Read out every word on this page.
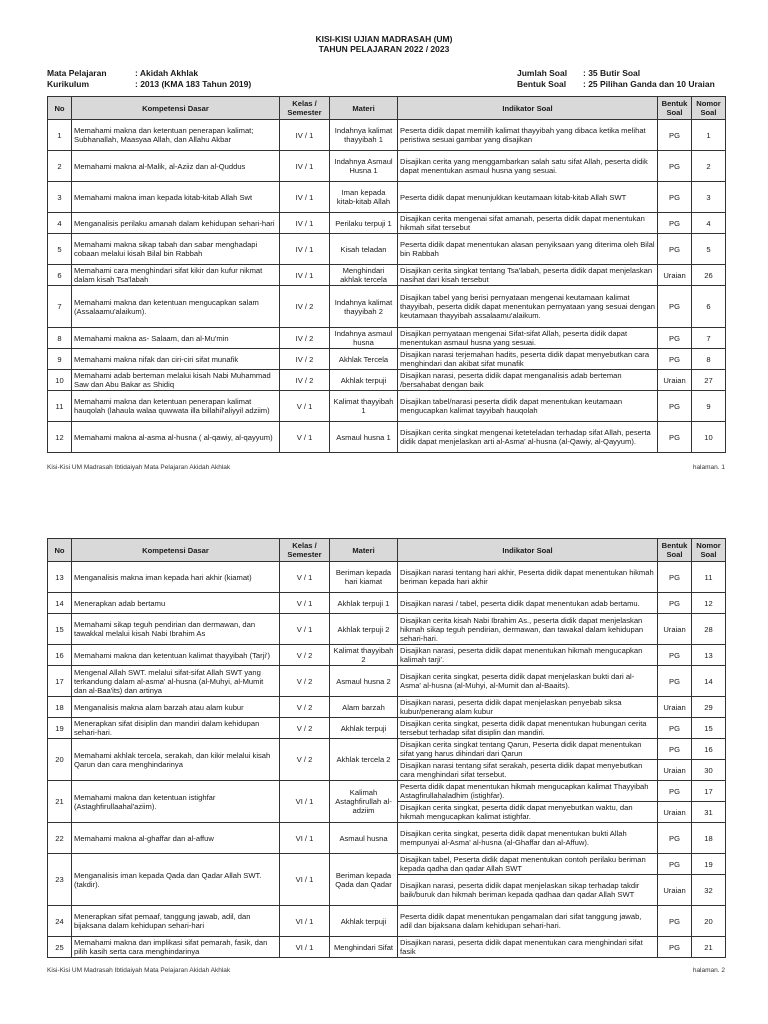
KISI-KISI UJIAN MADRASAH (UM)
TAHUN PELAJARAN 2022 / 2023
Mata Pelajaran	: Akidah Akhlak	Jumlah Soal : 35 Butir Soal
Kurikulum	: 2013 (KMA 183 Tahun 2019)	Bentuk Soal : 25 Pilihan Ganda dan 10 Uraian
No	Kompetensi Dasar	Kelas / Semester	Materi	Indikator Soal	Bentuk Soal	Nomor Soal
1	Memahami makna dan ketentuan penerapan kalimat; Subhanallah, Maasyaa Allah, dan Allahu Akbar	IV / 1	Indahnya kalimat thayyibah 1	Peserta didik dapat memilih kalimat thayyibah yang dibaca ketika melihat peristiwa sesuai gambar yang disajikan	PG	1
2	Memahami makna al-Malik, al-Aziiz dan al-Quddus	IV / 1	Indahnya Asmaul Husna 1	Disajikan cerita yang menggambarkan salah satu sifat Allah, peserta didik dapat menentukan asmaul husna yang sesuai.	PG	2
3	Memahami makna iman kepada kitab-kitab Allah Swt	IV / 1	Iman kepada kitab-kitab Allah	Peserta didik dapat menunjukkan keutamaan kitab-kitab Allah SWT	PG	3
4	Menganalisis perilaku amanah dalam kehidupan sehari-hari	IV / 1	Perilaku terpuji 1	Disajikan cerita mengenai sifat amanah, peserta didik dapat menentukan hikmah sifat tersebut	PG	4
5	Memahami makna sikap tabah dan sabar menghadapi cobaan melalui kisah Bilal bin Rabbah	IV / 1	Kisah teladan	Peserta didik dapat menentukan alasan penyiksaan yang diterima oleh Bilal bin Rabbah	PG	5
6	Memahami cara menghindari sifat kikir dan kufur nikmat dalam kisah Tsa'labah	IV / 1	Menghindari akhlak tercela	Disajikan cerita singkat tentang Tsa'labah, peserta didik dapat menjelaskan nasihat dari kisah tersebut	Uraian	26
7	Memahami makna dan ketentuan mengucapkan salam (Assalaamu'alaikum).	IV / 2	Indahnya kalimat thayyibah 2	Disajikan tabel yang berisi pernyataan mengenai keutamaan kalimat thayyibah, peserta didik dapat menentukan pernyataan yang sesuai dengan keutamaan thayyibah assalaamu'alaikum.	PG	6
8	Memahami makna as- Salaam, dan al-Mu'min	IV / 2	Indahnya asmaul husna	Disajikan pernyataan mengenai Sifat-sifat Allah, peserta didik dapat menentukan asmaul husna yang sesuai.	PG	7
9	Memahami makna nifak dan ciri-ciri sifat munafik	IV / 2	Akhlak Tercela	Disajikan narasi terjemahan hadits, peserta didik dapat menyebutkan cara menghindari dan akibat sifat munafik	PG	8
10	Memahami adab berteman melalui kisah Nabi Muhammad Saw dan Abu Bakar as Shidiq	IV / 2	Akhlak terpuji	Disajikan narasi, peserta didik dapat menganalisis adab berteman /bersahabat dengan baik	Uraian	27
11	Memahami makna dan ketentuan penerapan kalimat hauqolah (lahaula walaa quwwata illa billahil'aliyyil adziim)	V / 1	Kalimat thayyibah 1	Disajikan tabel/narasi peserta didik dapat menentukan keutamaan mengucapkan kalimat tayyibah hauqolah	PG	9
12	Memahami makna al-asma al-husna ( al-qawiy, al-qayyum)	V / 1	Asmaul husna 1	Disajikan cerita singkat mengenai keteteladan terhadap sifat Allah, peserta didik dapat menjelaskan arti al-Asma' al-husna (al-Qawiy, al-Qayyum).	PG	10
Kisi-Kisi UM Madrasah Ibtidaiyah Mata Pelajaran Akidah Akhlak	halaman. 1
No	Kompetensi Dasar	Kelas / Semester	Materi	Indikator Soal	Bentuk Soal	Nomor Soal
13	Menganalisis makna iman kepada hari akhir (kiamat)	V / 1	Beriman kepada hari kiamat	Disajikan narasi tentang hari akhir, Peserta didik dapat menentukan hikmah beriman kepada hari akhir	PG	11
14	Menerapkan adab bertamu	V / 1	Akhlak terpuji 1	Disajikan narasi / tabel, peserta didik dapat menentukan adab bertamu.	PG	12
15	Memahami sikap teguh pendirian dan dermawan, dan tawakkal melalui kisah Nabi Ibrahim As	V / 1	Akhlak terpuji 2	Disajikan cerita kisah Nabi Ibrahim As., peserta didik dapat menjelaskan hikmah sikap teguh pendirian, dermawan, dan tawakal dalam kehidupan sehari-hari.	Uraian	28
16	Memahami makna dan ketentuan kalimat thayyibah (Tarji')	V / 2	Kalimat thayyibah 2	Disajikan narasi, peserta didik dapat menentukan hikmah mengucapkan kalimah tarji'.	PG	13
17	Mengenal Allah SWT. melalui sifat-sifat Allah SWT yang terkandung dalam al-asma' al-husna (al-Muhyi, al-Mumit dan al-Baa'its) dan artinya	V / 2	Asmaul husna 2	Disajikan cerita singkat, peserta didik dapat menjelaskan bukti dari al-Asma' al-husna (al-Muhyi, al-Mumit dan al-Baaits).	PG	14
18	Menganalisis makna alam barzah atau alam kubur	V / 2	Alam barzah	Disajikan narasi, peserta didik dapat menjelaskan penyebab siksa kubur/penerang alam kubur	Uraian	29
19	Menerapkan sifat disiplin dan mandiri dalam kehidupan sehari-hari.	V / 2	Akhlak terpuji	Disajikan cerita singkat, peserta didik dapat menentukan hubungan cerita tersebut terhadap sifat disiplin dan mandiri.	PG	15
20	Memahami akhlak tercela, serakah, dan kikir melalui kisah Qarun dan cara menghindarinya	V / 2	Akhlak tercela 2	Disajikan cerita singkat tentang Qarun, Peserta didik dapat menentukan sifat yang harus dihindari dari Qarun	PG	16
				Disajikan narasi tentang sifat serakah, peserta didik dapat menyebutkan cara menghindari sifat tersebut.	Uraian	30
21	Memahami makna dan ketentuan istighfar (Astaghfirullaahal'aziim).	VI / 1	Kalimah Astaghfirullah al-adziim	Peserta didik dapat menentukan hikmah mengucapkan kalimat Thayyibah Astagfirullahaladhim (istighfar).	PG	17
				Disajikan cerita singkat, peserta didik dapat menyebutkan waktu, dan hikmah mengucapkan kalimat istighfar.	Uraian	31
22	Memahami makna al-ghaffar dan al-affuw	VI / 1	Asmaul husna	Disajikan cerita singkat, peserta didik dapat menentukan bukti Allah mempunyai al-Asma' al-husna (al-Ghaffar dan al-Affuw).	PG	18
23	Menganalisis iman kepada Qada dan Qadar Allah SWT. (takdir).	VI / 1	Beriman kepada Qada dan Qadar	Disajikan tabel, Peserta didik dapat menentukan contoh perilaku beriman kepada qadha dan qadar Allah SWT	PG	19
				Disajikan narasi, peserta didik dapat menjelaskan sikap terhadap takdir baik/buruk dan hikmah beriman kepada qadhaa dan qadar Allah SWT	Uraian	32
24	Menerapkan sifat pemaaf, tanggung jawab, adil, dan bijaksana dalam kehidupan sehari-hari	VI / 1	Akhlak terpuji	Peserta didik dapat menentukan pengamalan dari sifat tanggung jawab, adil dan bijaksana dalam kehidupan sehari-hari.	PG	20
25	Memahami makna dan implikasi sifat pemarah, fasik, dan pilih kasih serta cara menghindarinya	VI / 1	Menghindari Sifat	Disajikan narasi, peserta didik dapat menentukan cara menghindari sifat fasik	PG	21
Kisi-Kisi UM Madrasah Ibtidaiyah Mata Pelajaran Akidah Akhlak	halaman. 2
